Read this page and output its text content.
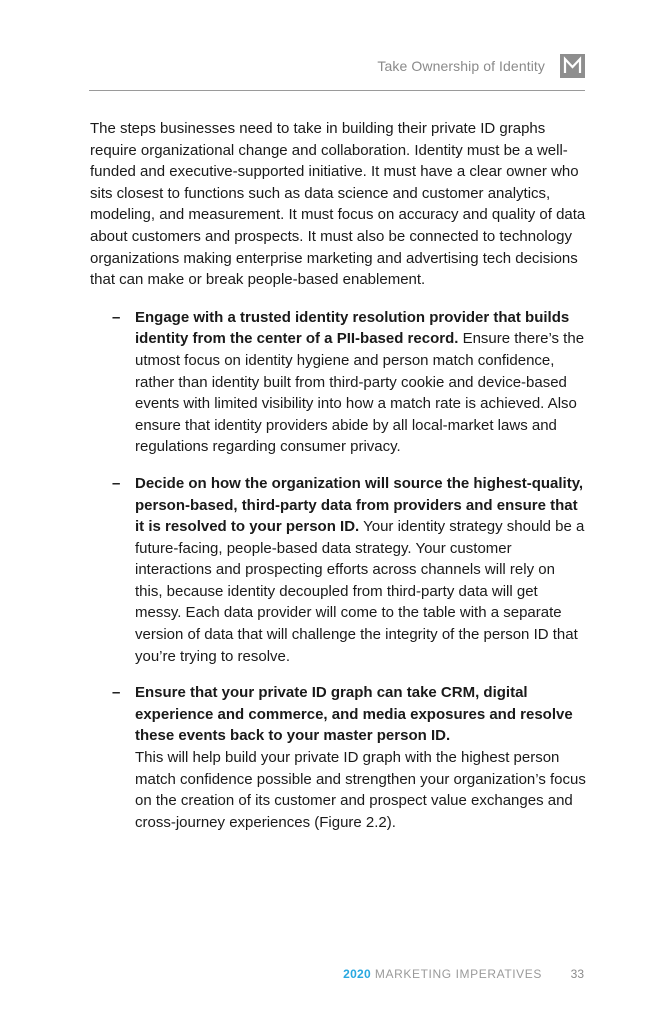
Take Ownership of Identity

The steps businesses need to take in building their private ID graphs require organizational change and collaboration. Identity must be a well-funded and executive-supported initiative. It must have a clear owner who sits closest to functions such as data science and customer analytics, modeling, and measurement. It must focus on accuracy and quality of data about customers and prospects. It must also be connected to technology organizations making enterprise marketing and advertising tech decisions that can make or break people-based enablement.

– Engage with a trusted identity resolution provider that builds identity from the center of a PII-based record. Ensure there’s the utmost focus on identity hygiene and person match confidence, rather than identity built from third-party cookie and device-based events with limited visibility into how a match rate is achieved. Also ensure that identity providers abide by all local-market laws and regulations regarding consumer privacy.
– Decide on how the organization will source the highest-quality, person-based, third-party data from providers and ensure that it is resolved to your person ID. Your identity strategy should be a future-facing, people-based data strategy. Your customer interactions and prospecting efforts across channels will rely on this, because identity decoupled from third-party data will get messy. Each data provider will come to the table with a separate version of data that will challenge the integrity of the person ID that you’re trying to resolve.
– Ensure that your private ID graph can take CRM, digital experience and commerce, and media exposures and resolve these events back to your master person ID.
This will help build your private ID graph with the highest person match confidence possible and strengthen your organization’s focus on the creation of its customer and prospect value exchanges and cross-journey experiences (Figure 2.2).
2020 MARKETING IMPERATIVES 33
